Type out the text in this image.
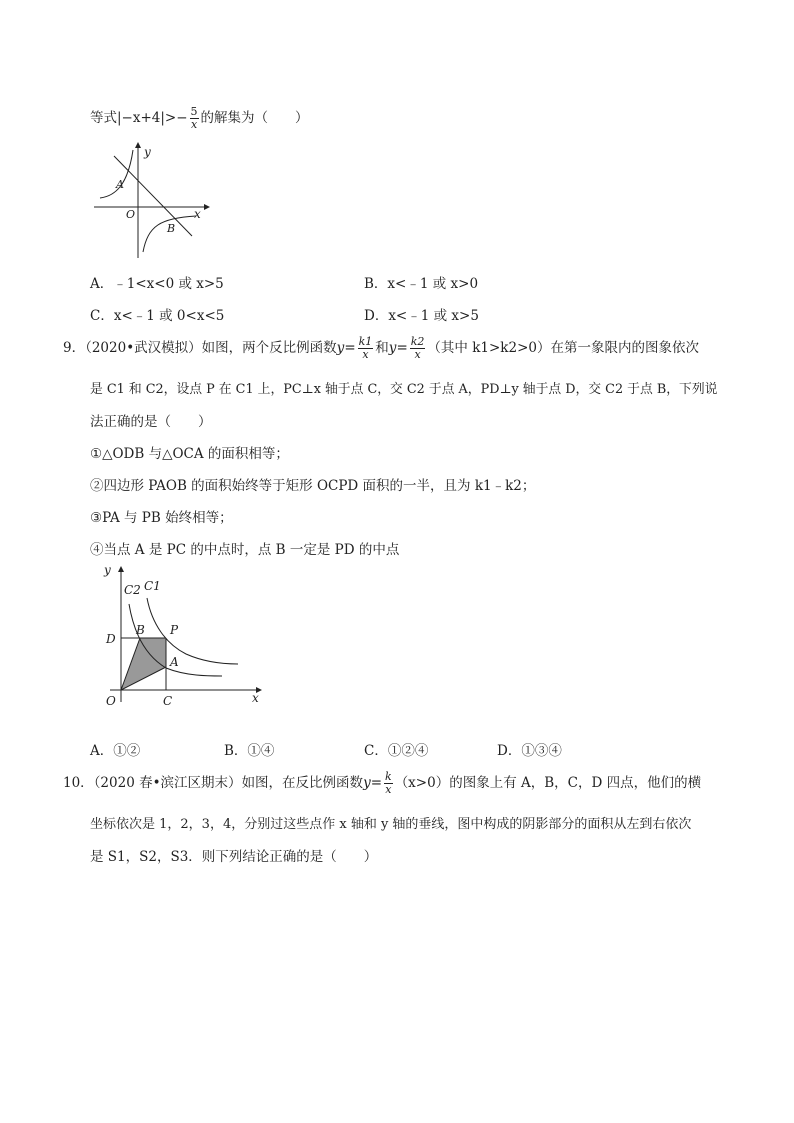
等式$|-x+4|>- \frac{5}{x}$ 的解集为（　　）
y
x
O
A
B
A．﹣1<x<0 或 x>5	B．x<﹣1 或 x>0
C．x<﹣1 或 0<x<5	D．x<﹣1 或 x>5
9．（2020•武汉模拟）如图，两个反比例函数$y= \frac{k1}{x}$ 和$y= \frac{k2}{x}$ （其中 k1>k2>0）在第一象限内的图象依次
是 C1 和 C2，设点 P 在 C1 上，PC⊥x 轴于点 C，交 C2 于点 A，PD⊥y 轴于点 D，交 C2 于点 B，下列说
法正确的是（　　）
①△ODB 与△OCA 的面积相等；
②四边形 PAOB 的面积始终等于矩形 OCPD 面积的一半，且为 k1﹣k2；
③PA 与 PB 始终相等；
④当点 A 是 PC 的中点时，点 B 一定是 PD 的中点
y
C2 C1
D
B P
A
O	C	x
A．①②	B．①④	C．①②④	D．①③④
10．（2020 春•滨江区期末）如图，在反比例函数$y= \frac{k}{x} (x>0)$的图象上有 A，B，C，D 四点，他们的横
坐标依次是 1，2，3，4，分别过这些点作 x 轴和 y 轴的垂线，图中构成的阴影部分的面积从左到右依次
是 S1，S2，S3．则下列结论正确的是（　　）
